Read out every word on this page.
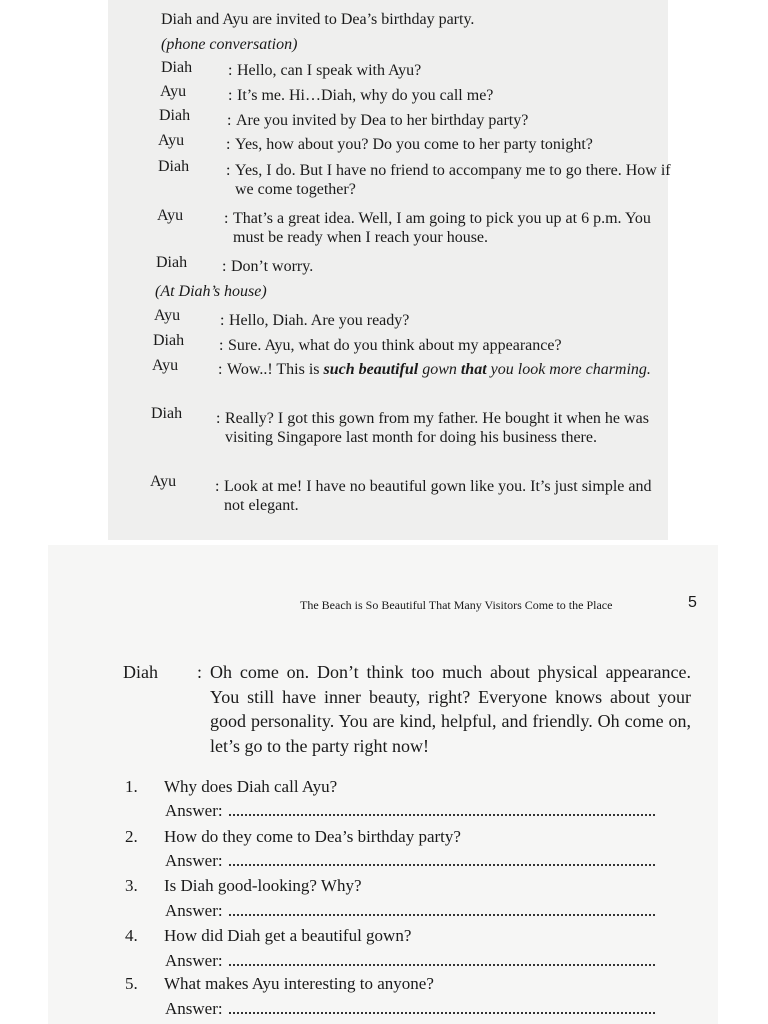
Diah and Ayu are invited to Dea’s birthday party.
(phone conversation)
Diah : Hello, can I speak with Ayu?
Ayu	: It’s me. Hi…Diah, why do you call me?
Diah : Are you invited by Dea to her birthday party?
Ayu	: Yes, how about you? Do you come to her party tonight?
Diah : Yes, I do. But I have no friend to accompany me to go there. How if we come together?
Ayu	: That’s a great idea. Well, I am going to pick you up at 6 p.m. You must be ready when I reach your house.
Diah : Don’t worry.
(At Diah’s house)
Ayu : Hello, Diah. Are you ready?
Diah : Sure. Ayu, what do you think about my appearance?
Ayu : Wow..! This is such beautiful gown that you look more charming.
Diah : Really? I got this gown from my father. He bought it when he was visiting Singapore last month for doing his business there.
Ayu : Look at me! I have no beautiful gown like you. It’s just simple and not elegant.
The Beach is So Beautiful That Many Visitors Come to the Place	5
Diah : Oh come on. Don’t think too much about physical appearance. You still have inner beauty, right? Everyone knows about your good personality. You are kind, helpful, and friendly. Oh come on, let’s go to the party right now!
1. Why does Diah call Ayu?
Answer:
2. How do they come to Dea’s birthday party?
Answer:
3. Is Diah good-looking? Why?
Answer:
4. How did Diah get a beautiful gown?
Answer:
5. What makes Ayu interesting to anyone?
Answer:
